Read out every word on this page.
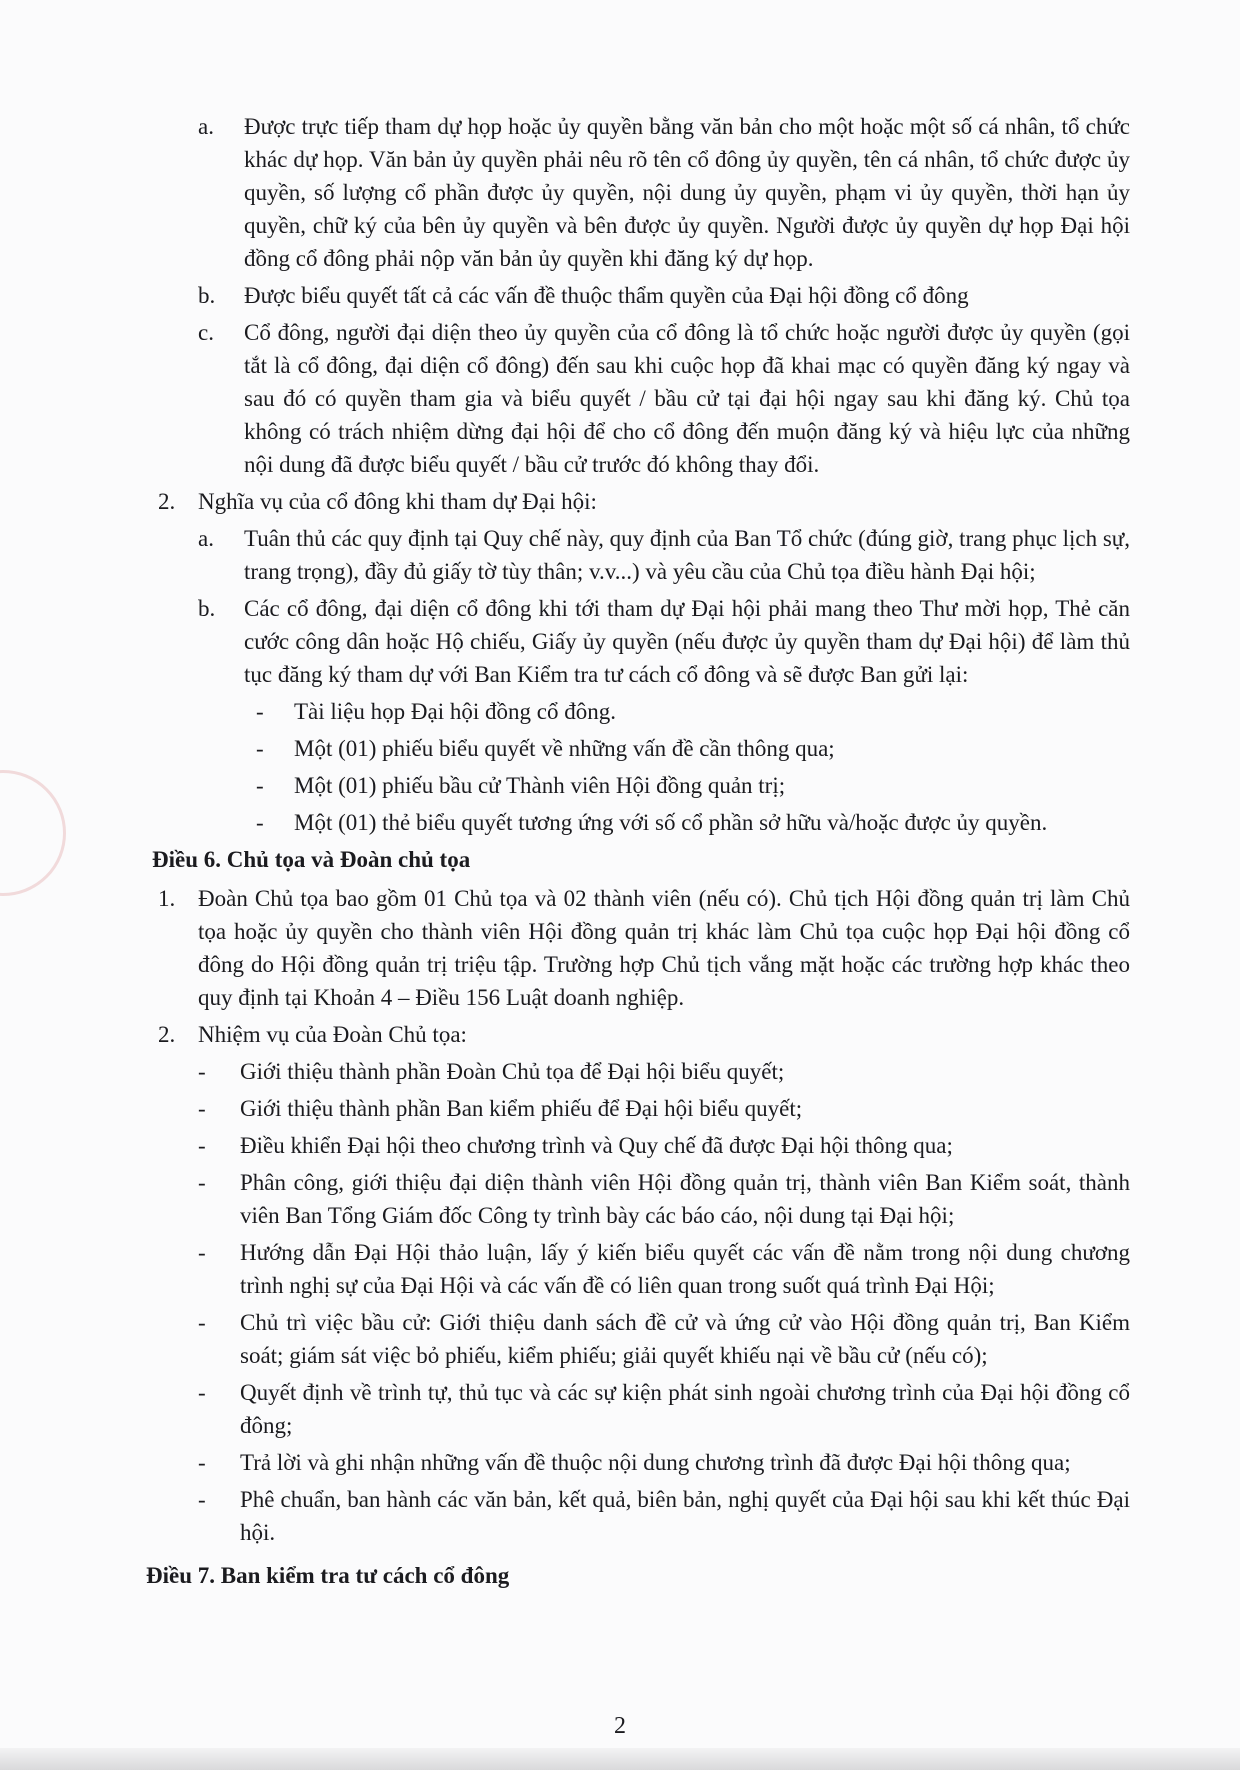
a.	Được trực tiếp tham dự họp hoặc ủy quyền bằng văn bản cho một hoặc một số cá nhân, tổ chức khác dự họp. Văn bản ủy quyền phải nêu rõ tên cổ đông ủy quyền, tên cá nhân, tổ chức được ủy quyền, số lượng cổ phần được ủy quyền, nội dung ủy quyền, phạm vi ủy quyền, thời hạn ủy quyền, chữ ký của bên ủy quyền và bên được ủy quyền. Người được ủy quyền dự họp Đại hội đồng cổ đông phải nộp văn bản ủy quyền khi đăng ký dự họp.
b.	Được biểu quyết tất cả các vấn đề thuộc thẩm quyền của Đại hội đồng cổ đông
c.	Cổ đông, người đại diện theo ủy quyền của cổ đông là tổ chức hoặc người được ủy quyền (gọi tắt là cổ đông, đại diện cổ đông) đến sau khi cuộc họp đã khai mạc có quyền đăng ký ngay và sau đó có quyền tham gia và biểu quyết / bầu cử tại đại hội ngay sau khi đăng ký. Chủ tọa không có trách nhiệm dừng đại hội để cho cổ đông đến muộn đăng ký và hiệu lực của những nội dung đã được biểu quyết / bầu cử trước đó không thay đổi.
2. Nghĩa vụ của cổ đông khi tham dự Đại hội:
a.	Tuân thủ các quy định tại Quy chế này, quy định của Ban Tổ chức (đúng giờ, trang phục lịch sự, trang trọng), đầy đủ giấy tờ tùy thân; v.v...) và yêu cầu của Chủ tọa điều hành Đại hội;
b.	Các cổ đông, đại diện cổ đông khi tới tham dự Đại hội phải mang theo Thư mời họp, Thẻ căn cước công dân hoặc Hộ chiếu, Giấy ủy quyền (nếu được ủy quyền tham dự Đại hội) để làm thủ tục đăng ký tham dự với Ban Kiểm tra tư cách cổ đông và sẽ được Ban gửi lại:
-	Tài liệu họp Đại hội đồng cổ đông.
-	Một (01) phiếu biểu quyết về những vấn đề cần thông qua;
-	Một (01) phiếu bầu cử Thành viên Hội đồng quản trị;
-	Một (01) thẻ biểu quyết tương ứng với số cổ phần sở hữu và/hoặc được ủy quyền.
Điều 6. Chủ tọa và Đoàn chủ tọa
1. Đoàn Chủ tọa bao gồm 01 Chủ tọa và 02 thành viên (nếu có). Chủ tịch Hội đồng quản trị làm Chủ tọa hoặc ủy quyền cho thành viên Hội đồng quản trị khác làm Chủ tọa cuộc họp Đại hội đồng cổ đông do Hội đồng quản trị triệu tập. Trường hợp Chủ tịch vắng mặt hoặc các trường hợp khác theo quy định tại Khoản 4 – Điều 156 Luật doanh nghiệp.
2. Nhiệm vụ của Đoàn Chủ tọa:
-	Giới thiệu thành phần Đoàn Chủ tọa để Đại hội biểu quyết;
-	Giới thiệu thành phần Ban kiểm phiếu để Đại hội biểu quyết;
-	Điều khiển Đại hội theo chương trình và Quy chế đã được Đại hội thông qua;
-	Phân công, giới thiệu đại diện thành viên Hội đồng quản trị, thành viên Ban Kiểm soát, thành viên Ban Tổng Giám đốc Công ty trình bày các báo cáo, nội dung tại Đại hội;
-	Hướng dẫn Đại Hội thảo luận, lấy ý kiến biểu quyết các vấn đề nằm trong nội dung chương trình nghị sự của Đại Hội và các vấn đề có liên quan trong suốt quá trình Đại Hội;
-	Chủ trì việc bầu cử: Giới thiệu danh sách đề cử và ứng cử vào Hội đồng quản trị, Ban Kiểm soát; giám sát việc bỏ phiếu, kiểm phiếu; giải quyết khiếu nại về bầu cử (nếu có);
-	Quyết định về trình tự, thủ tục và các sự kiện phát sinh ngoài chương trình của Đại hội đồng cổ đông;
-	Trả lời và ghi nhận những vấn đề thuộc nội dung chương trình đã được Đại hội thông qua;
-	Phê chuẩn, ban hành các văn bản, kết quả, biên bản, nghị quyết của Đại hội sau khi kết thúc Đại hội.
Điều 7. Ban kiểm tra tư cách cổ đông
2
